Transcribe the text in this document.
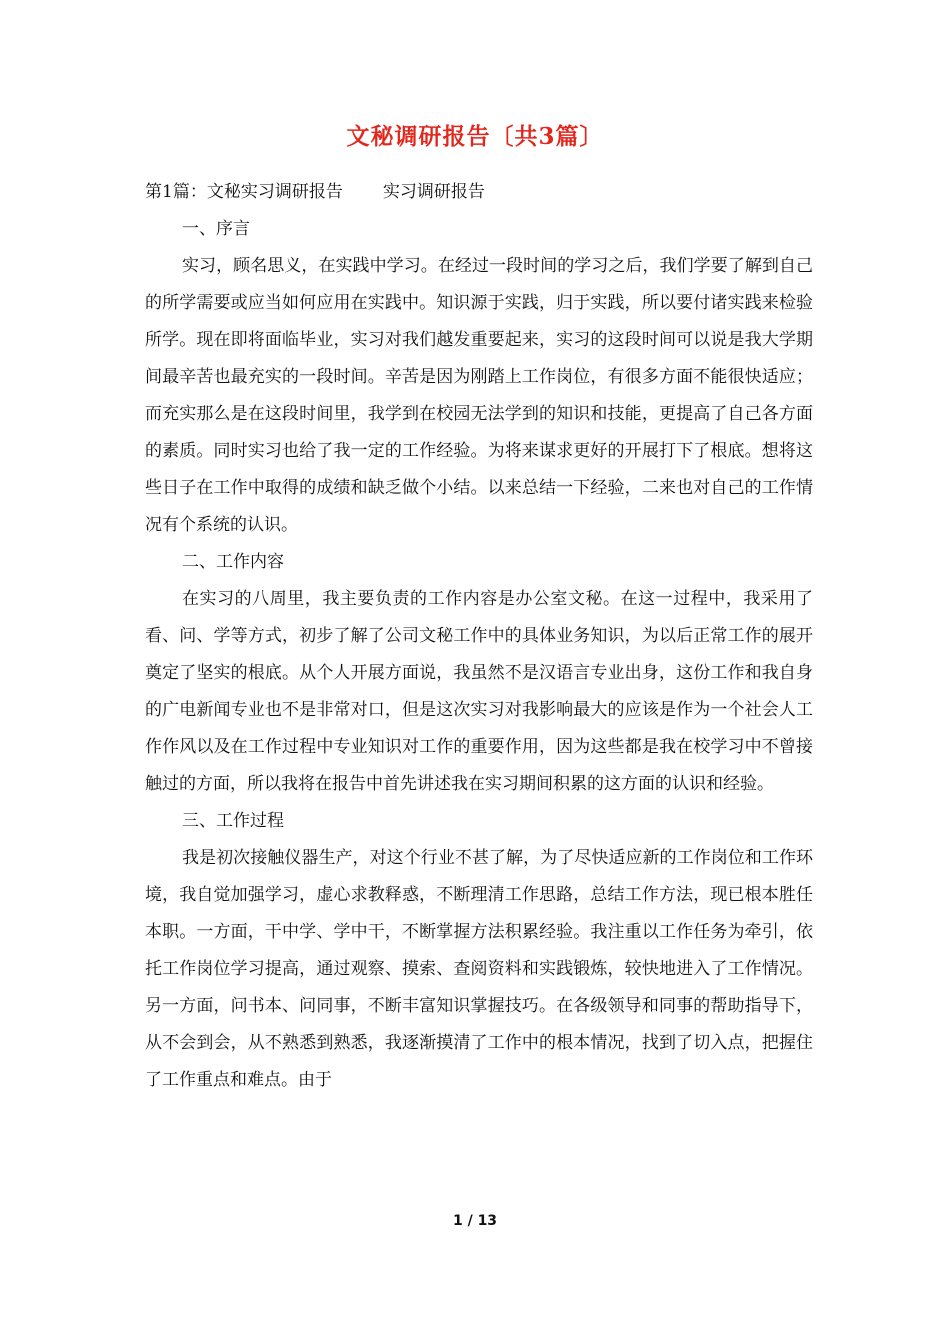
文秘调研报告〔共3篇〕

第1篇：文秘实习调研报告 实习调研报告

一、序言

实习，顾名思义，在实践中学习。在经过一段时间的学习之后，我们学要了解到自己的所学需要或应当如何应用在实践中。知识源于实践，归于实践，所以要付诸实践来检验所学。现在即将面临毕业，实习对我们越发重要起来，实习的这段时间可以说是我大学期间最辛苦也最充实的一段时间。辛苦是因为刚踏上工作岗位，有很多方面不能很快适应；而充实那么是在这段时间里，我学到在校园无法学到的知识和技能，更提高了自己各方面的素质。同时实习也给了我一定的工作经验。为将来谋求更好的开展打下了根底。想将这些日子在工作中取得的成绩和缺乏做个小结。以来总结一下经验，二来也对自己的工作情况有个系统的认识。

二、工作内容

在实习的八周里，我主要负责的工作内容是办公室文秘。在这一过程中，我采用了看、问、学等方式，初步了解了公司文秘工作中的具体业务知识，为以后正常工作的展开奠定了坚实的根底。从个人开展方面说，我虽然不是汉语言专业出身，这份工作和我自身的广电新闻专业也不是非常对口，但是这次实习对我影响最大的应该是作为一个社会人工作作风以及在工作过程中专业知识对工作的重要作用，因为这些都是我在校学习中不曾接触过的方面，所以我将在报告中首先讲述我在实习期间积累的这方面的认识和经验。

三、工作过程

我是初次接触仪器生产，对这个行业不甚了解，为了尽快适应新的工作岗位和工作环境，我自觉加强学习，虚心求教释惑，不断理清工作思路，总结工作方法，现已根本胜任本职。一方面，干中学、学中干，不断掌握方法积累经验。我注重以工作任务为牵引，依托工作岗位学习提高，通过观察、摸索、查阅资料和实践锻炼，较快地进入了工作情况。另一方面，问书本、问同事，不断丰富知识掌握技巧。在各级领导和同事的帮助指导下，从不会到会，从不熟悉到熟悉，我逐渐摸清了工作中的根本情况，找到了切入点，把握住了工作重点和难点。由于

1 / 13
